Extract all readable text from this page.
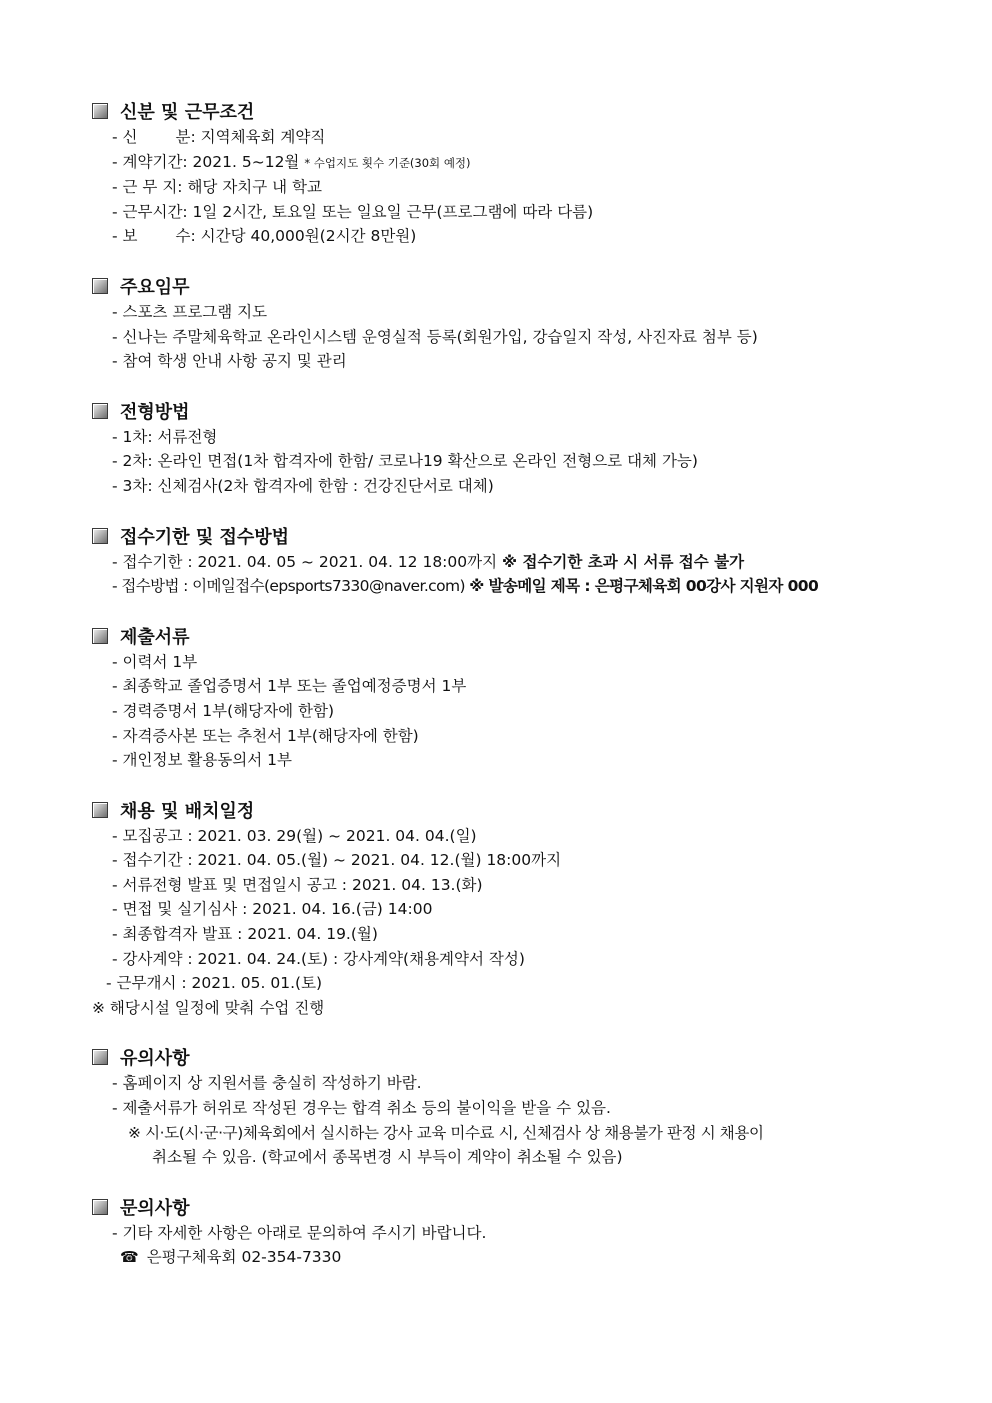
신분 및 근무조건
- 신 분: 지역체육회 계약직
- 계약기간: 2021. 5~12월 * 수업지도 횟수 기준(30회 예정)
- 근 무 지: 해당 자치구 내 학교
- 근무시간: 1일 2시간, 토요일 또는 일요일 근무(프로그램에 따라 다름)
- 보 수: 시간당 40,000원(2시간 8만원)
주요임무
- 스포츠 프로그램 지도
- 신나는 주말체육학교 온라인시스템 운영실적 등록(회원가입, 강습일지 작성, 사진자료 첨부 등)
- 참여 학생 안내 사항 공지 및 관리
전형방법
- 1차: 서류전형
- 2차: 온라인 면접(1차 합격자에 한함/ 코로나19 확산으로 온라인 전형으로 대체 가능)
- 3차: 신체검사(2차 합격자에 한함 : 건강진단서로 대체)
접수기한 및 접수방법
- 접수기한 : 2021. 04. 05 ~ 2021. 04. 12 18:00까지 ※ 접수기한 초과 시 서류 접수 불가
- 접수방법 : 이메일접수(epsports7330@naver.com) ※ 발송메일 제목 : 은평구체육회 00강사 지원자 000
제출서류
- 이력서 1부
- 최종학교 졸업증명서 1부 또는 졸업예정증명서 1부
- 경력증명서 1부(해당자에 한함)
- 자격증사본 또는 추천서 1부(해당자에 한함)
- 개인정보 활용동의서 1부
채용 및 배치일정
- 모집공고 : 2021. 03. 29(월) ~ 2021. 04. 04.(일)
- 접수기간 : 2021. 04. 05.(월) ~ 2021. 04. 12.(월) 18:00까지
- 서류전형 발표 및 면접일시 공고 : 2021. 04. 13.(화)
- 면접 및 실기심사 : 2021. 04. 16.(금) 14:00
- 최종합격자 발표 : 2021. 04. 19.(월)
- 강사계약 : 2021. 04. 24.(토) : 강사계약(채용계약서 작성)
- 근무개시 : 2021. 05. 01.(토)
※ 해당시설 일정에 맞춰 수업 진행
유의사항
- 홈페이지 상 지원서를 충실히 작성하기 바람.
- 제출서류가 허위로 작성된 경우는 합격 취소 등의 불이익을 받을 수 있음.
※ 시·도(시·군·구)체육회에서 실시하는 강사 교육 미수료 시, 신체검사 상 채용불가 판정 시 채용이
취소될 수 있음. (학교에서 종목변경 시 부득이 계약이 취소될 수 있음)
문의사항
- 기타 자세한 사항은 아래로 문의하여 주시기 바랍니다.
☎ 은평구체육회 02-354-7330
